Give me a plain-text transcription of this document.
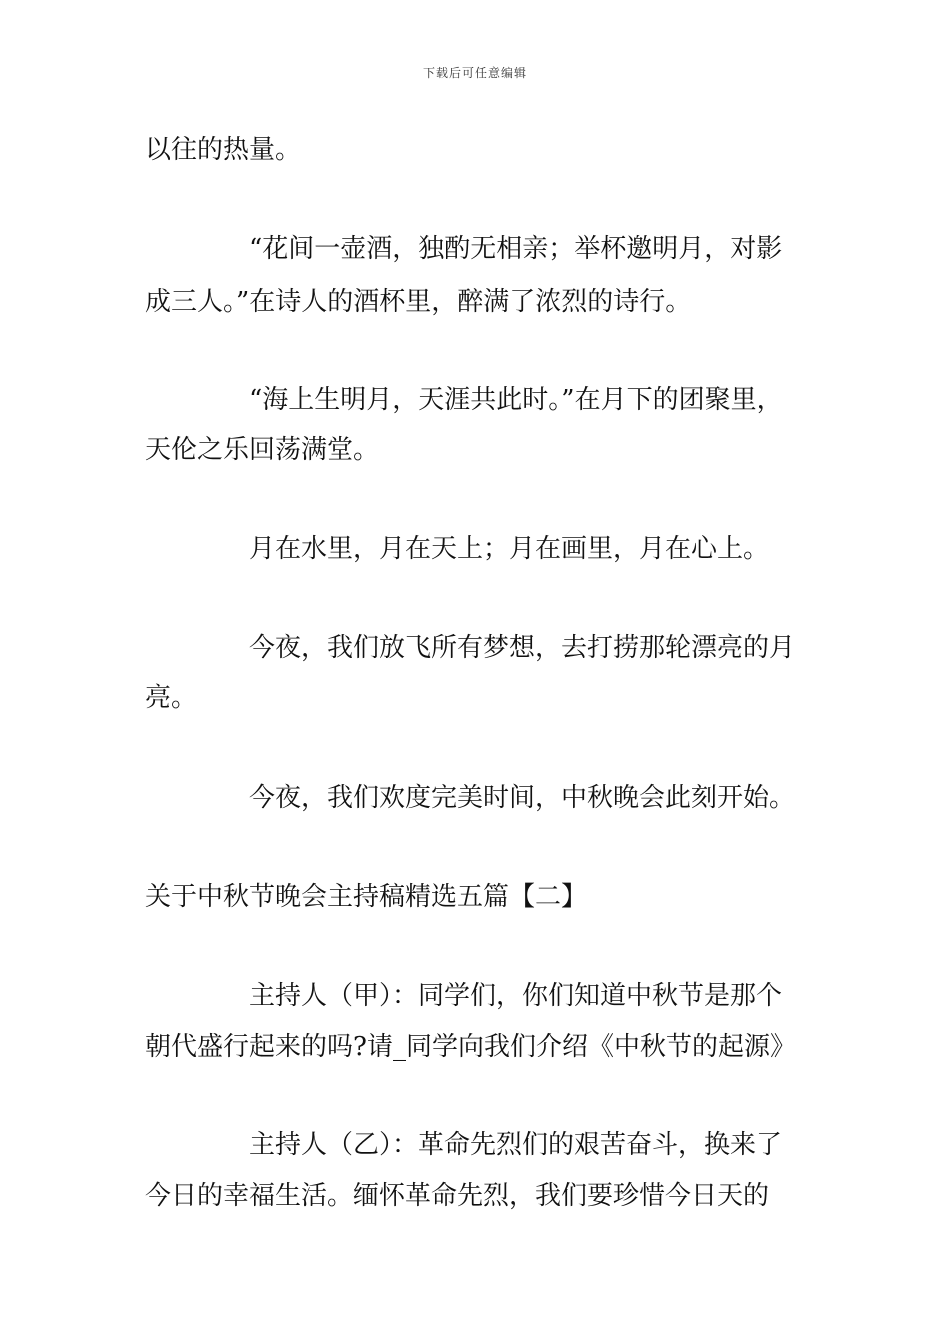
下载后可任意编辑
以往的热量。
　　　　“花间一壶酒，独酌无相亲；举杯邀明月，对影
成三人。”在诗人的酒杯里，醉满了浓烈的诗行。
　　　　“海上生明月，天涯共此时。”在月下的团聚里，
天伦之乐回荡满堂。
　　　　月在水里，月在天上；月在画里，月在心上。
　　　　今夜，我们放飞所有梦想，去打捞那轮漂亮的月
亮。
　　　　今夜，我们欢度完美时间，中秋晚会此刻开始。
关于中秋节晚会主持稿精选五篇【二】
　　　　主持人（甲）：同学们，你们知道中秋节是那个
朝代盛行起来的吗?请_同学向我们介绍《中秋节的起源》
　　　　主持人（乙）：革命先烈们的艰苦奋斗，换来了
今日的幸福生活。缅怀革命先烈，我们要珍惜今日天的
